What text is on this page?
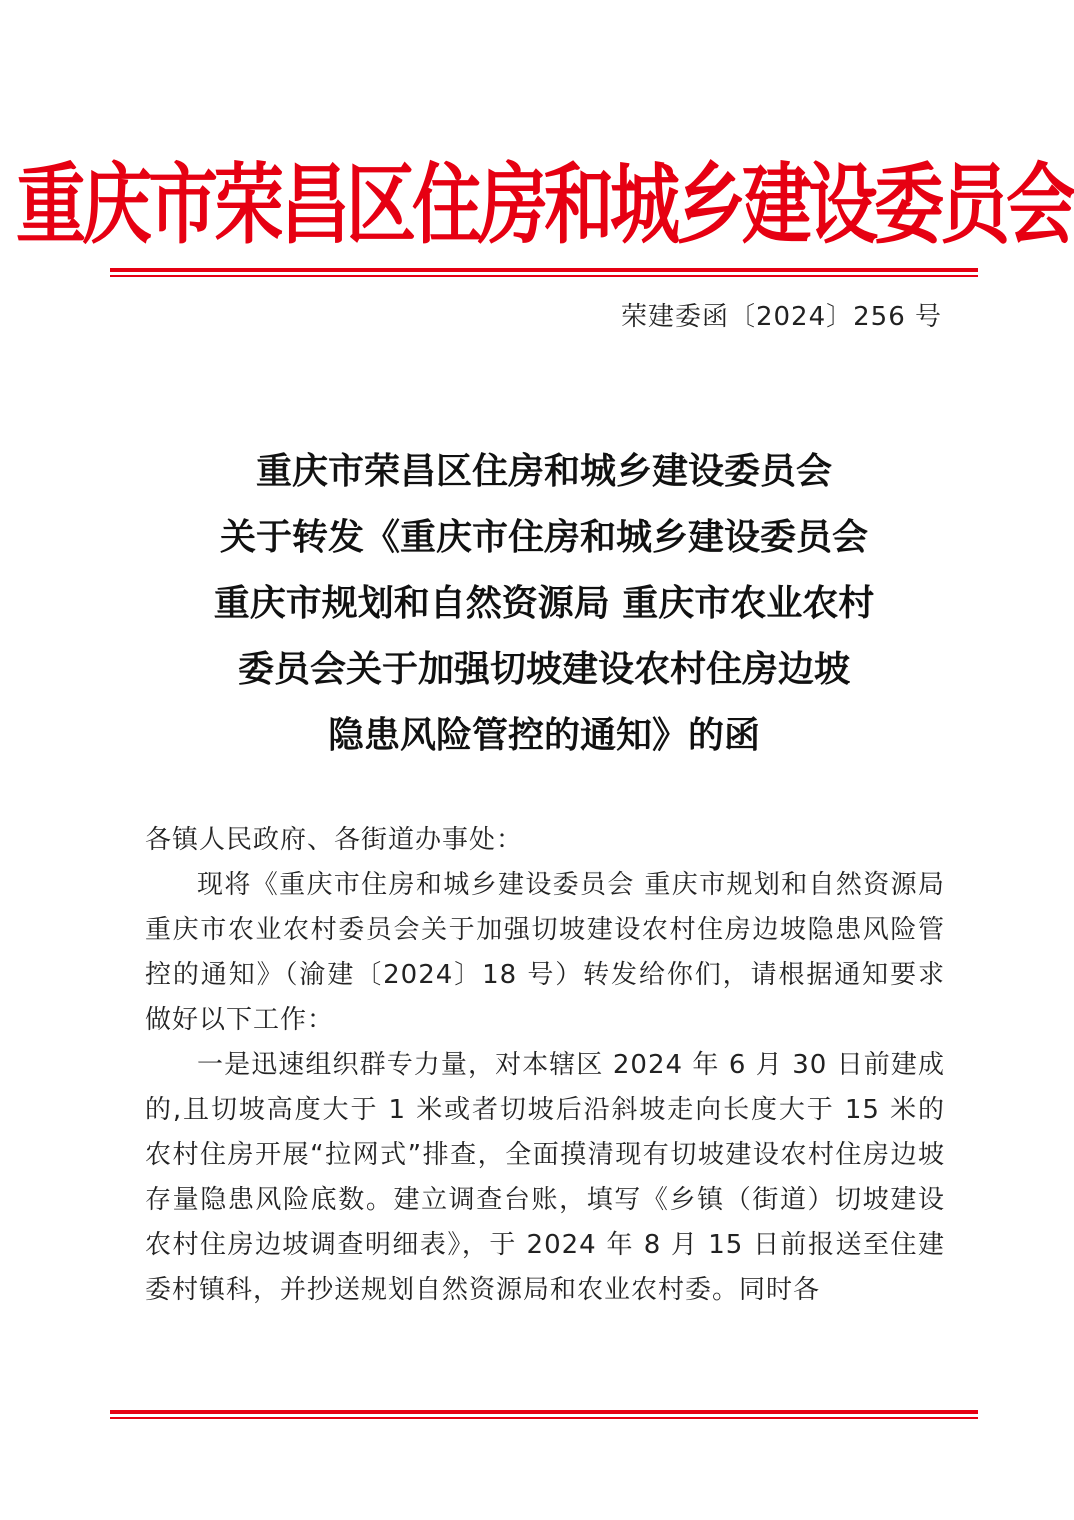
重庆市荣昌区住房和城乡建设委员会
荣建委函〔2024〕256 号
重庆市荣昌区住房和城乡建设委员会
关于转发《重庆市住房和城乡建设委员会
重庆市规划和自然资源局 重庆市农业农村
委员会关于加强切坡建设农村住房边坡
隐患风险管控的通知》的函

各镇人民政府、各街道办事处：

现将《重庆市住房和城乡建设委员会 重庆市规划和自然资源局 重庆市农业农村委员会关于加强切坡建设农村住房边坡隐患风险管控的通知》（渝建〔2024〕18 号）转发给你们，请根据通知要求做好以下工作：

一是迅速组织群专力量，对本辖区 2024 年 6 月 30 日前建成的,且切坡高度大于 1 米或者切坡后沿斜坡走向长度大于 15 米的农村住房开展“拉网式”排查，全面摸清现有切坡建设农村住房边坡存量隐患风险底数。建立调查台账，填写《乡镇（街道）切坡建设农村住房边坡调查明细表》，于 2024 年 8 月 15 日前报送至住建委村镇科，并抄送规划自然资源局和农业农村委。同时各
